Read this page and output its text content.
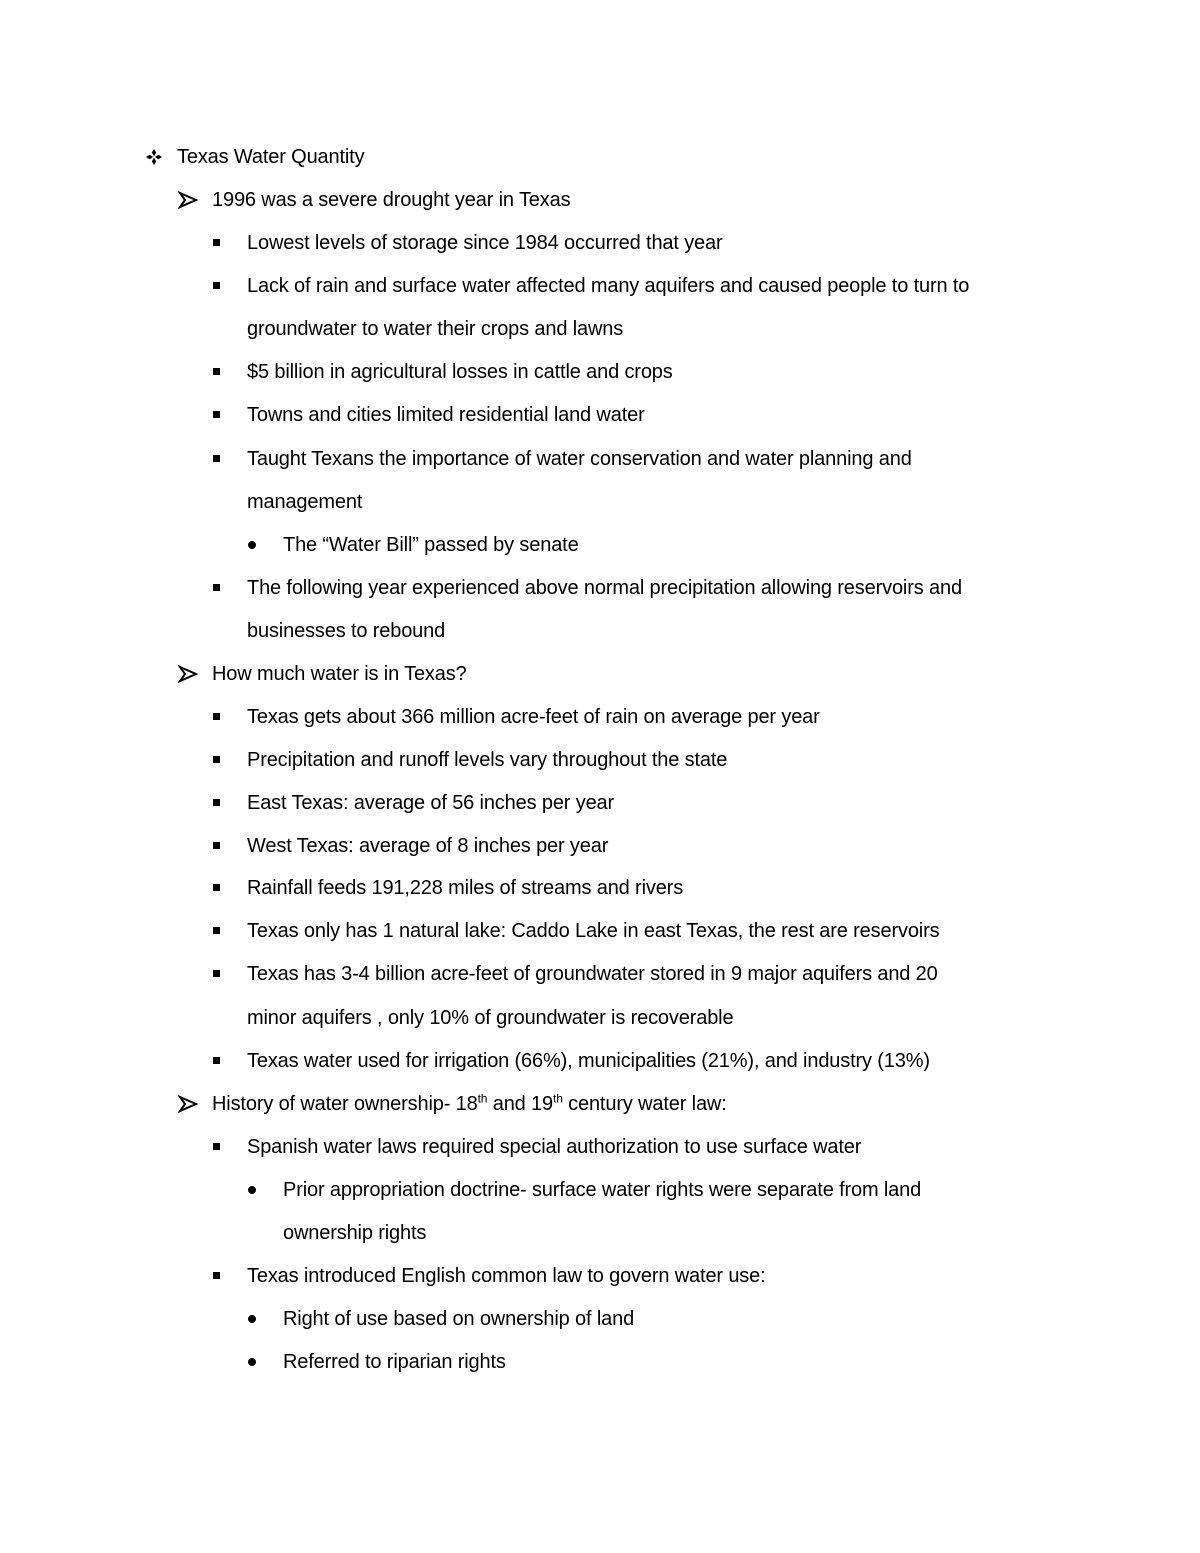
Texas Water Quantity
1996 was a severe drought year in Texas
Lowest levels of storage since 1984 occurred that year
Lack of rain and surface water affected many aquifers and caused people to turn to
groundwater to water their crops and lawns
$5 billion in agricultural losses in cattle and crops
Towns and cities limited residential land water
Taught Texans the importance of water conservation and water planning and
management
The “Water Bill” passed by senate
The following year experienced above normal precipitation allowing reservoirs and
businesses to rebound
How much water is in Texas?
Texas gets about 366 million acre-feet of rain on average per year
Precipitation and runoff levels vary throughout the state
East Texas: average of 56 inches per year
West Texas: average of 8 inches per year
Rainfall feeds 191,228 miles of streams and rivers
Texas only has 1 natural lake: Caddo Lake in east Texas, the rest are reservoirs
Texas has 3-4 billion acre-feet of groundwater stored in 9 major aquifers and 20
minor aquifers , only 10% of groundwater is recoverable
Texas water used for irrigation (66%), municipalities (21%), and industry (13%)
History of water ownership- 18th and 19th century water law:
Spanish water laws required special authorization to use surface water
Prior appropriation doctrine- surface water rights were separate from land
ownership rights
Texas introduced English common law to govern water use:
Right of use based on ownership of land
Referred to riparian rights
